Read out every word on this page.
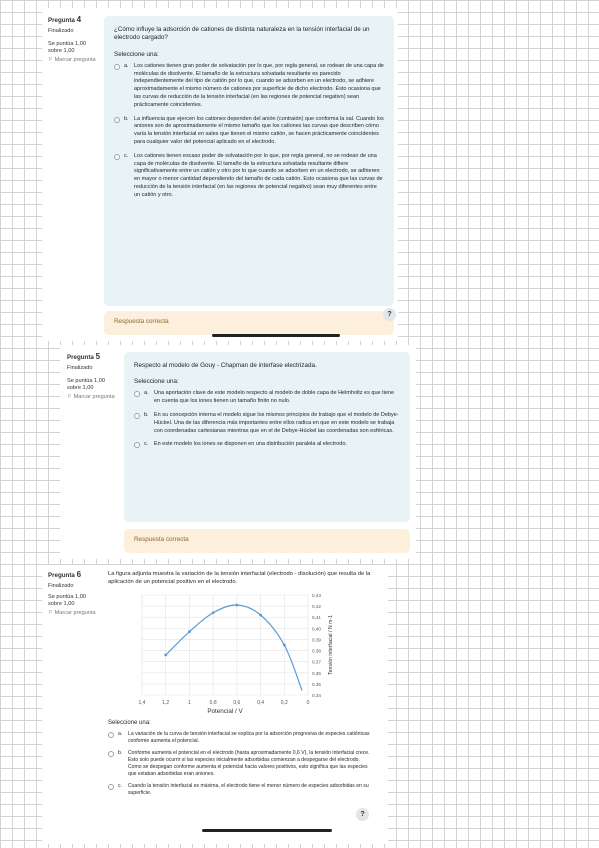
Pregunta 4
Finalizado
Se puntúa 1,00
sobre 1,00
⚐ Marcar pregunta
¿Cómo influye la adsorción de cationes de distinta naturaleza en la tensión interfacial de un electrodo cargado?
Seleccione una:
a. Los cationes tienen gran poder de solvatación por lo que, por regla general, se rodean de una capa de moléculas de disolvente. El tamaño de la estructura solvatada resultante es parecido independientemente del tipo de catión por lo que, cuando se adsorben en un electrodo, se adhiere aproximadamente el mismo número de cationes por superficie de dicho electrodo. Esto ocasiona que las curvas de reducción de la tensión interfacial (en las regiones de potencial negativo) sean prácticamente coincidentes.
b. La influencia que ejercen los cationes dependen del anión (contraión) que conforma la sal. Cuando los aniones son de aproximadamente el mismo tamaño que los cationes las curvas que describen cómo varía la tensión interfacial en sales que tienen el mismo catión, se hacen prácticamente coincidentes para cualquier valor del potencial aplicado en el electrodo.
c.	Los cationes tienen escaso poder de solvatación por lo que, por regla general, no se rodean de una capa de moléculas de disolvente. El tamaño de la estructura solvatada resultante difiere significativamente entre un catión y otro por lo que cuando se adsorben en un electrodo, se adhieren en mayor o menor cantidad dependiendo del tamaño de cada catión. Esto ocasiona que las curvas de reducción de la tensión interfacial (en las regiones de potencial negativo) sean muy diferentes entre un catión y otro.
Respuesta correcta
?
Pregunta 5
Finalizado
Se puntúa 1,00
sobre 1,00
⚐ Marcar pregunta
Respecto al modelo de Gouy - Chapman de interfase electrizada.
Seleccione una:
a. Una aportación clave de este modelo respecto al modelo de doble capa de Helmholtz es que tiene en cuenta que los iones tienen un tamaño finito no nulo.
b. En su concepción interna el modelo sigue los mismos principios de trabajo que el modelo de Debye-Hückel. Una de las diferencia más importantes entre ellos radica en que en este modelo se trabaja con coordenadas cartesianas mientras que en el de Debye-Hückel las coordenadas son esféricas.
c.	En este modelo los iones se disponen en una distribución paralela al electrodo.
Respuesta correcta
Pregunta 6
Finalizado
Se puntúa 1,00
sobre 1,00
⚐ Marcar pregunta
La figura adjunta muestra la variación de la tensión interfacial (electrodo - disolución) que resulta de la aplicación de un potencial positivo en el electrodo.
1,4	1,2	1	0,8	0,6	0,4	0,2	0
0,43
0,42
0,41
0,40
0,39
0,38
0,37
0,36
0,35
0,34
Potencial / V
Tensión interfacial / N m-1
Seleccione una:
a.	La variación de la curva de tensión interfacial se explica por la adsorción progresiva de especies catiónicas conforme aumenta el potencial.
b.	Conforme aumenta el potencial en el electrodo (hasta aproximadamente 0,6 V), la tensión interfacial crece. Esto solo puede ocurrir si las especies inicialmente adsorbidas comienzan a despegarse del electrodo. Como se despegan conforme aumenta el potencial hacia valores positivos, esto significa que las especies que estaban adsorbidas eran aniones.
c.	Cuando la tensión interfacial es máxima, el electrodo tiene el menor número de especies adsorbidas en su superficie.
?
